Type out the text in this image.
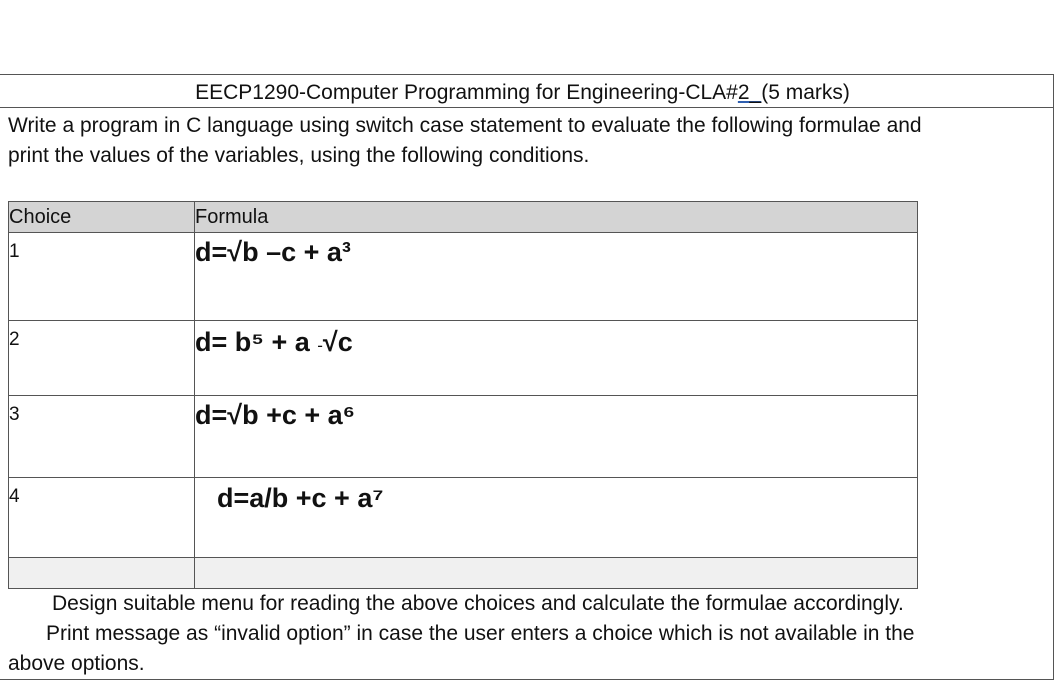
EECP1290-Computer Programming for Engineering-CLA#2_(5 marks)
Write a program in C language using switch case statement to evaluate the following formulae and
print the values of the variables, using the following conditions.
Choice	Formula
1	d=√b –c + a³
2	d= b⁵ + a -√c
3	d=√b +c + a⁶
4	d=a/b +c + a⁷

Design suitable menu for reading the above choices and calculate the formulae accordingly.
Print message as “invalid option” in case the user enters a choice which is not available in the
above options.
